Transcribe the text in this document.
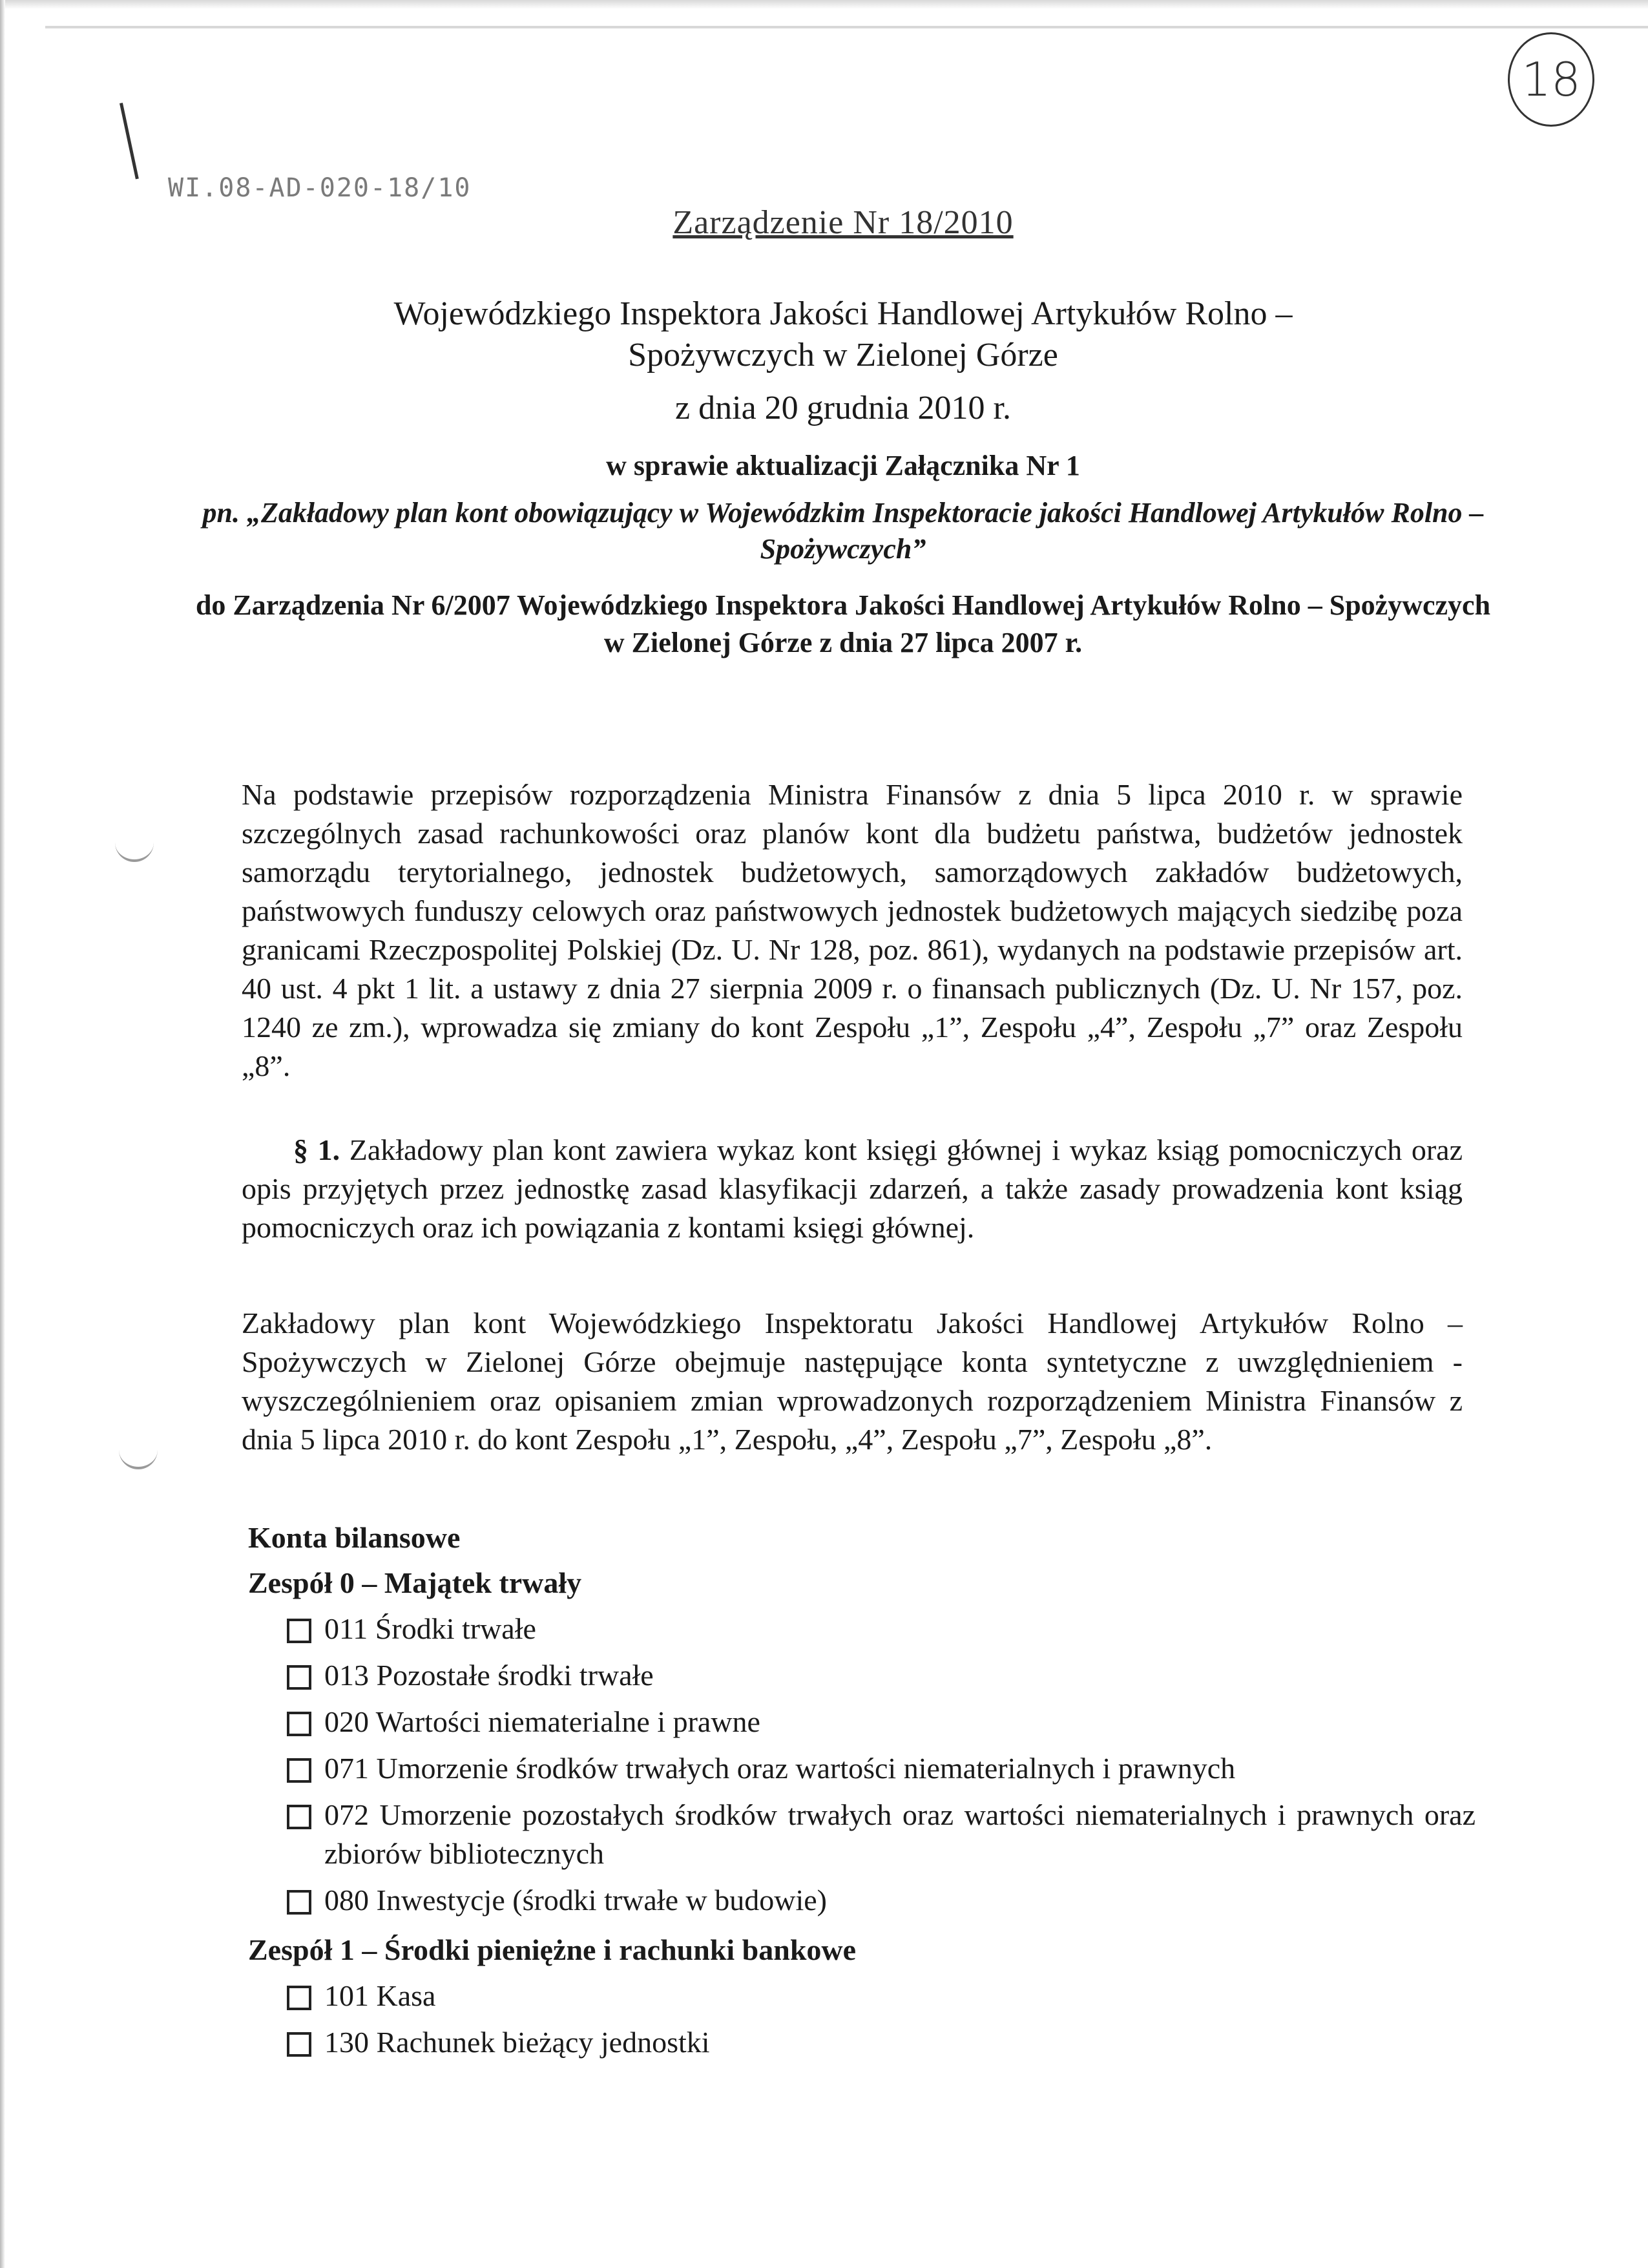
18
WI.08-AD-020-18/10
Zarządzenie Nr 18/2010
Wojewódzkiego Inspektora Jakości Handlowej Artykułów Rolno –
Spożywczych w Zielonej Górze
z dnia 20 grudnia 2010 r.
w sprawie aktualizacji Załącznika Nr 1
pn. „Zakładowy plan kont obowiązujący w Wojewódzkim Inspektoracie jakości Handlowej Artykułów Rolno – Spożywczych”
do Zarządzenia Nr 6/2007 Wojewódzkiego Inspektora Jakości Handlowej Artykułów Rolno – Spożywczych w Zielonej Górze z dnia 27 lipca 2007 r.
Na podstawie przepisów rozporządzenia Ministra Finansów z dnia 5 lipca 2010 r. w sprawie szczególnych zasad rachunkowości oraz planów kont dla budżetu państwa, budżetów jednostek samorządu terytorialnego, jednostek budżetowych, samorządowych zakładów budżetowych, państwowych funduszy celowych oraz państwowych jednostek budżetowych mających siedzibę poza granicami Rzeczpospolitej Polskiej (Dz. U. Nr 128, poz. 861), wydanych na podstawie przepisów art. 40 ust. 4 pkt 1 lit. a ustawy z dnia 27 sierpnia 2009 r. o finansach publicznych (Dz. U. Nr 157, poz. 1240 ze zm.), wprowadza się zmiany do kont Zespołu „1”, Zespołu „4”, Zespołu „7” oraz Zespołu „8”.
§ 1. Zakładowy plan kont zawiera wykaz kont księgi głównej i wykaz ksiąg pomocniczych oraz opis przyjętych przez jednostkę zasad klasyfikacji zdarzeń, a także zasady prowadzenia kont ksiąg pomocniczych oraz ich powiązania z kontami księgi głównej.
Zakładowy plan kont Wojewódzkiego Inspektoratu Jakości Handlowej Artykułów Rolno – Spożywczych w Zielonej Górze obejmuje następujące konta syntetyczne z uwzględnieniem - wyszczególnieniem oraz opisaniem zmian wprowadzonych rozporządzeniem Ministra Finansów z dnia 5 lipca 2010 r. do kont Zespołu „1”, Zespołu, „4”, Zespołu „7”, Zespołu „8”.
Konta bilansowe
Zespół 0 – Majątek trwały
011 Środki trwałe
013 Pozostałe środki trwałe
020 Wartości niematerialne i prawne
071 Umorzenie środków trwałych oraz wartości niematerialnych i prawnych
072 Umorzenie pozostałych środków trwałych oraz wartości niematerialnych i prawnych oraz zbiorów bibliotecznych
080 Inwestycje (środki trwałe w budowie)
Zespół 1 – Środki pieniężne i rachunki bankowe
101 Kasa
130 Rachunek bieżący jednostki
